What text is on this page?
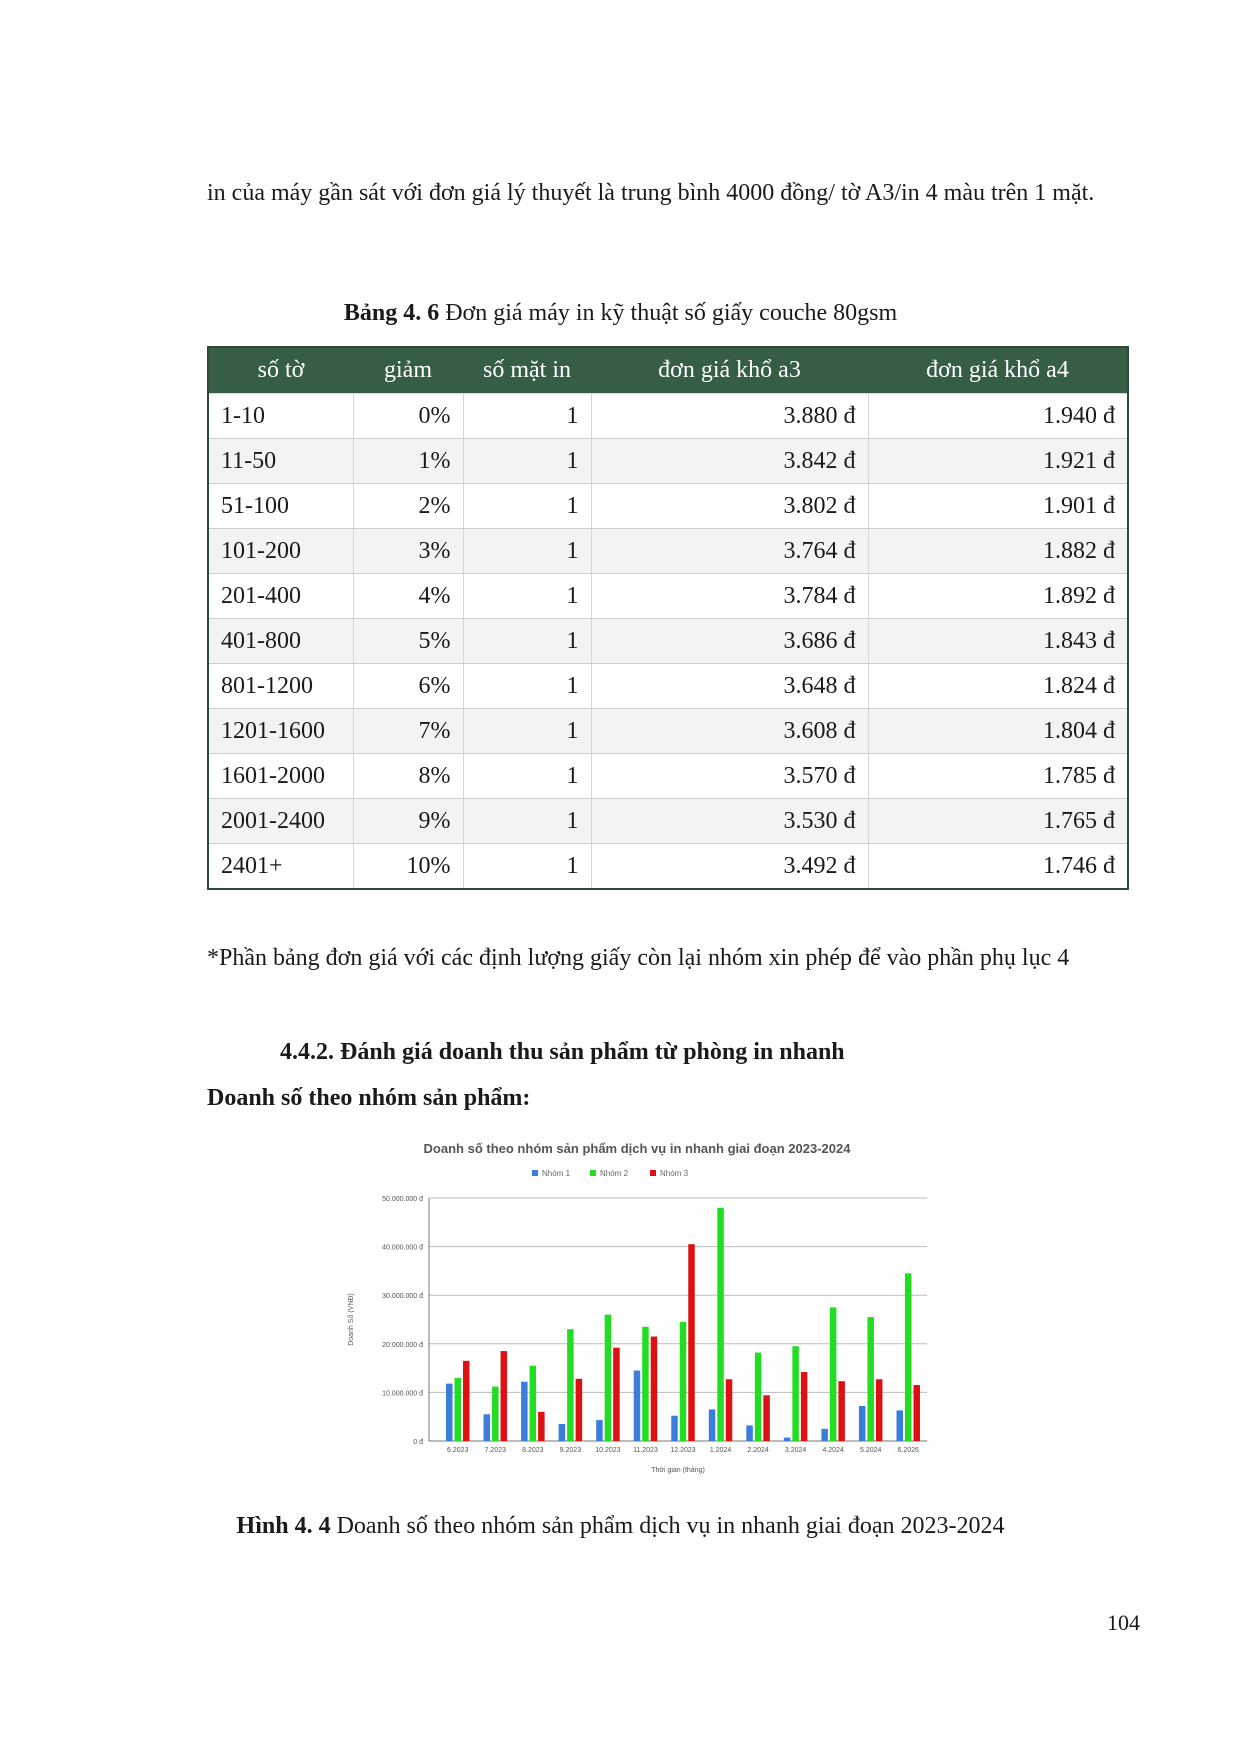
in của máy gần sát với đơn giá lý thuyết là trung bình 4000 đồng/ tờ A3/in 4 màu trên 1 mặt.

Bảng 4. 6 Đơn giá máy in kỹ thuật số giấy couche 80gsm

số tờ	giảm	số mặt in	đơn giá khổ a3	đơn giá khổ a4
1-10	0%	1	3.880 đ	1.940 đ
11-50	1%	1	3.842 đ	1.921 đ
51-100	2%	1	3.802 đ	1.901 đ
101-200	3%	1	3.764 đ	1.882 đ
201-400	4%	1	3.784 đ	1.892 đ
401-800	5%	1	3.686 đ	1.843 đ
801-1200	6%	1	3.648 đ	1.824 đ
1201-1600	7%	1	3.608 đ	1.804 đ
1601-2000	8%	1	3.570 đ	1.785 đ
2001-2400	9%	1	3.530 đ	1.765 đ
2401+	10%	1	3.492 đ	1.746 đ

*Phần bảng đơn giá với các định lượng giấy còn lại nhóm xin phép để vào phần phụ lục 4

4.4.2. Đánh giá doanh thu sản phẩm từ phòng in nhanh

Doanh số theo nhóm sản phẩm:

Doanh số theo nhóm sản phẩm dịch vụ in nhanh giai đoạn 2023-2024
Nhóm 1	Nhóm 2	Nhóm 3
0 đ
10.000.000 đ
20.000.000 đ
30.000.000 đ
40.000.000 đ
50.000.000 đ
Doanh Số (VNĐ)
6.2023 7.2023 8.2023 9.2023 10.2023 11.2023 12.2023 1.2024 2.2024 3.2024 4.2024 5.2024 6.2026
Thời gian (tháng)

Hình 4. 4 Doanh số theo nhóm sản phẩm dịch vụ in nhanh giai đoạn 2023-2024

104
